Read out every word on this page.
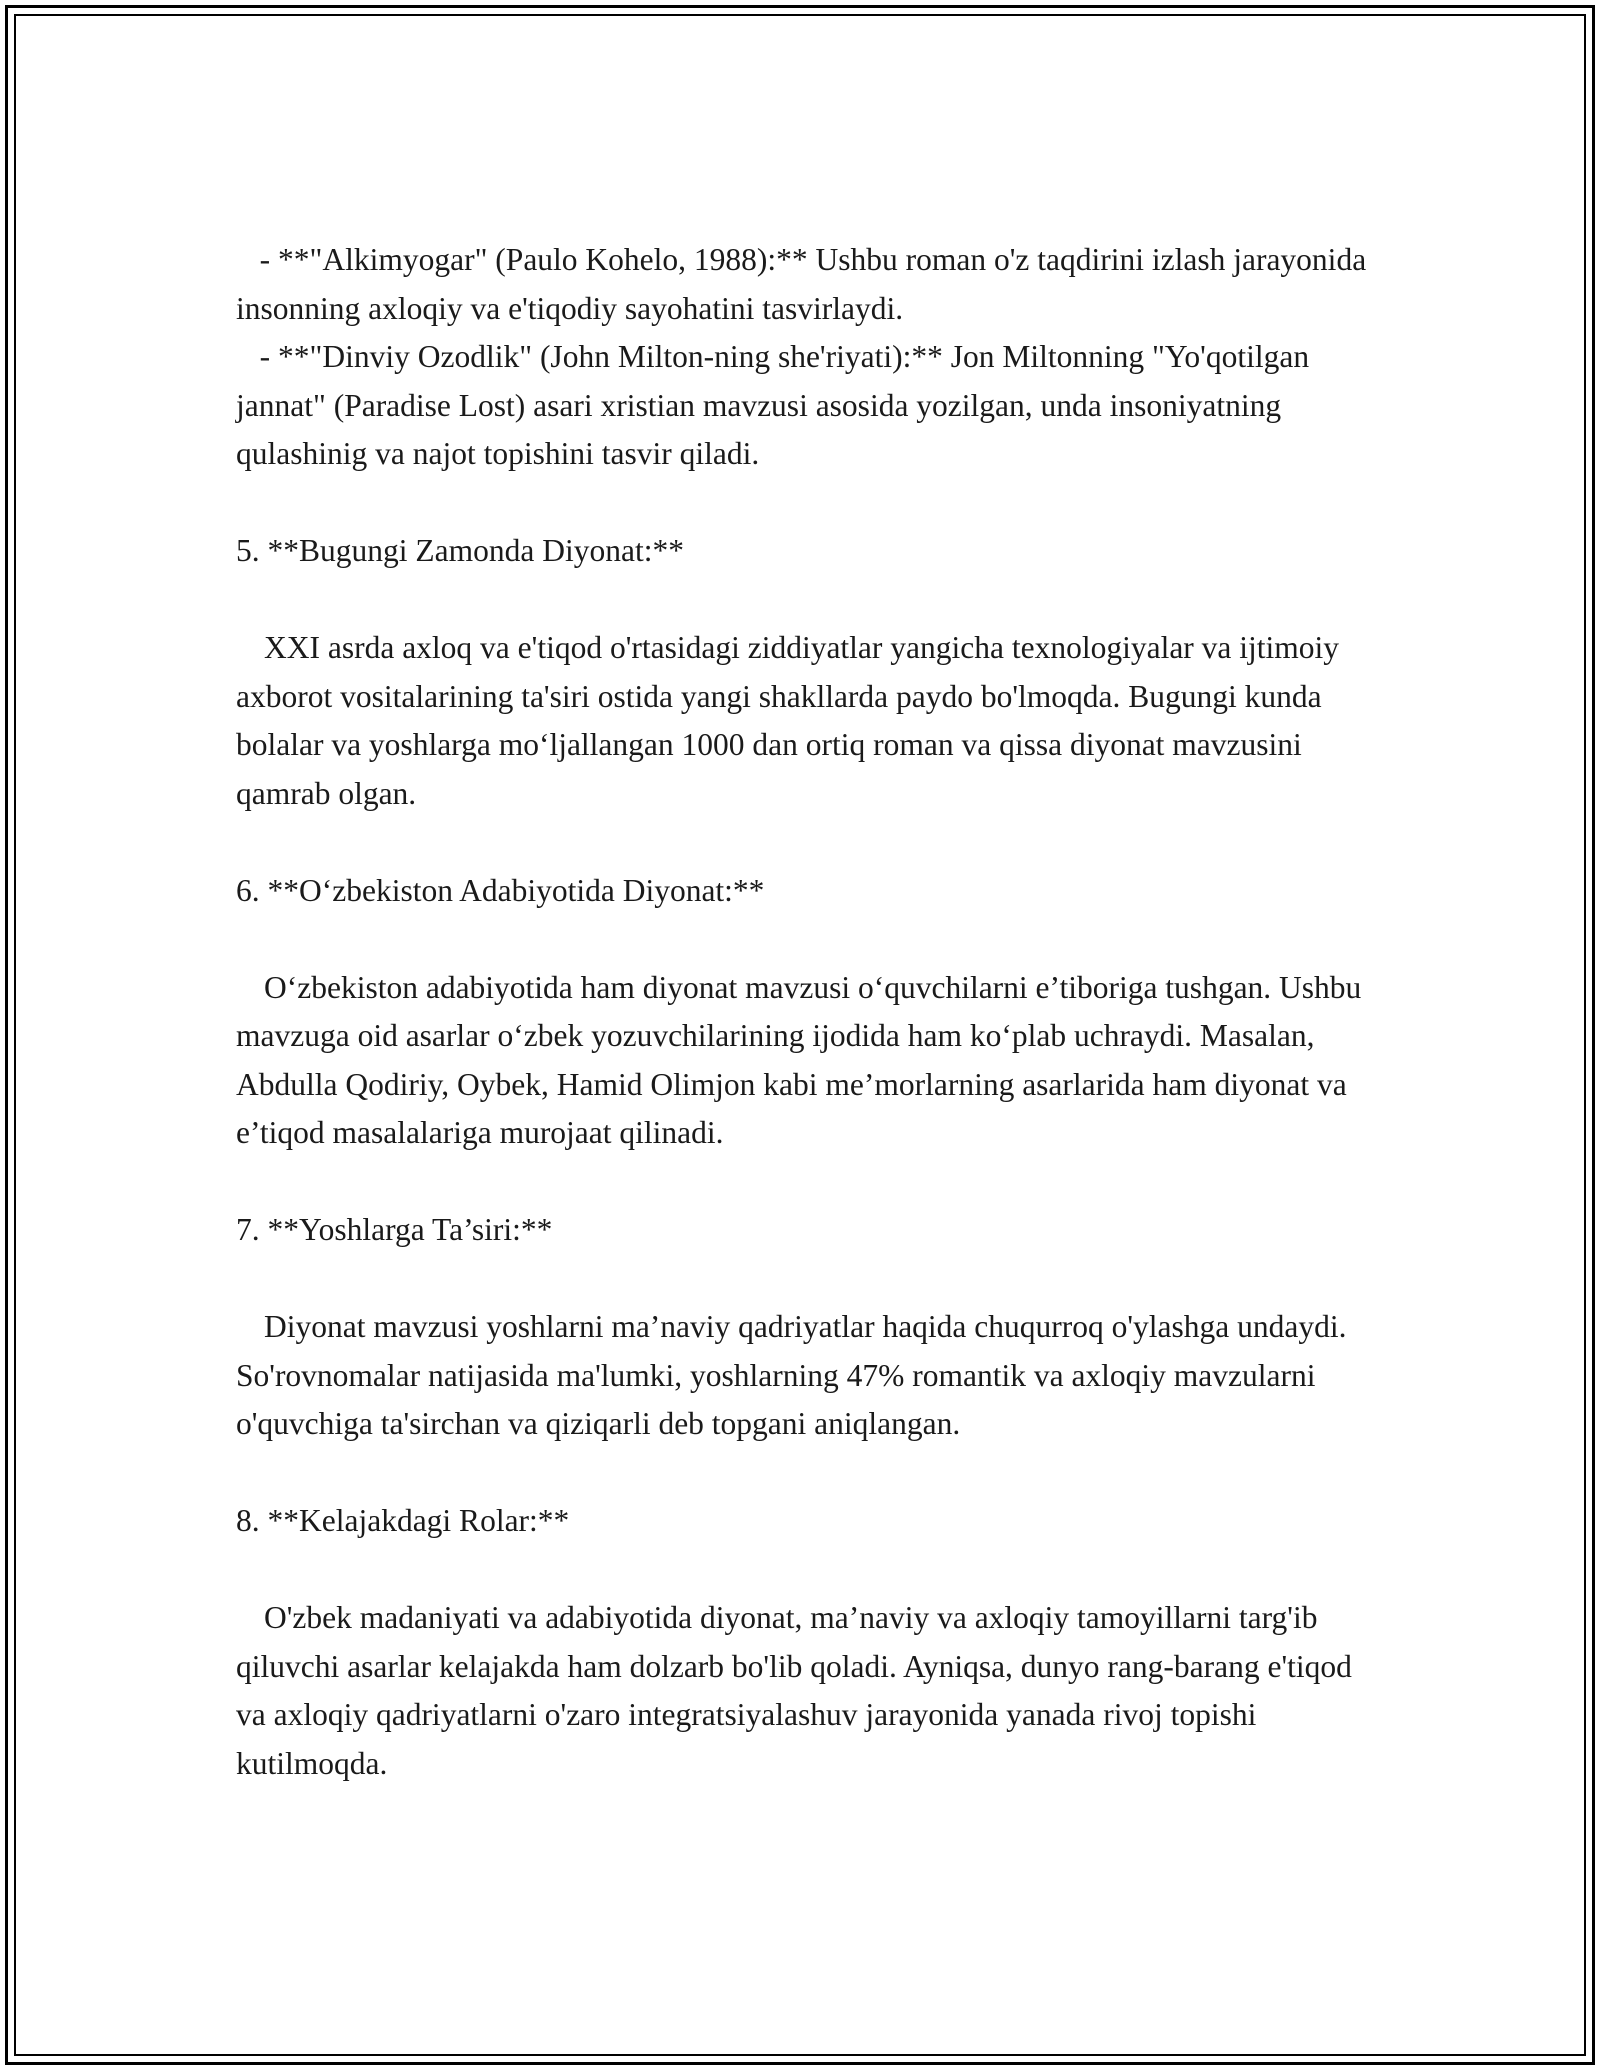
- **"Alkimyogar" (Paulo Kohelo, 1988):** Ushbu roman o'z taqdirini izlash jarayonida insonning axloqiy va e'tiqodiy sayohatini tasvirlaydi.

- **"Dinviy Ozodlik" (John Milton-ning she'riyati):** Jon Miltonning "Yo'qotilgan jannat" (Paradise Lost) asari xristian mavzusi asosida yozilgan, unda insoniyatning qulashinig va najot topishini tasvir qiladi.

5. **Bugungi Zamonda Diyonat:**

XXI asrda axloq va e'tiqod o'rtasidagi ziddiyatlar yangicha texnologiyalar va ijtimoiy axborot vositalarining ta'siri ostida yangi shakllarda paydo bo'lmoqda. Bugungi kunda bolalar va yoshlarga mo‘ljallangan 1000 dan ortiq roman va qissa diyonat mavzusini qamrab olgan.

6. **O‘zbekiston Adabiyotida Diyonat:**

O‘zbekiston adabiyotida ham diyonat mavzusi o‘quvchilarni e’tiboriga tushgan. Ushbu mavzuga oid asarlar o‘zbek yozuvchilarining ijodida ham ko‘plab uchraydi. Masalan, Abdulla Qodiriy, Oybek, Hamid Olimjon kabi me’morlarning asarlarida ham diyonat va e’tiqod masalalariga murojaat qilinadi.

7. **Yoshlarga Ta’siri:**

Diyonat mavzusi yoshlarni ma’naviy qadriyatlar haqida chuqurroq o'ylashga undaydi. So'rovnomalar natijasida ma'lumki, yoshlarning 47% romantik va axloqiy mavzularni o'quvchiga ta'sirchan va qiziqarli deb topgani aniqlangan.

8. **Kelajakdagi Rolar:**

O'zbek madaniyati va adabiyotida diyonat, ma’naviy va axloqiy tamoyillarni targ'ib qiluvchi asarlar kelajakda ham dolzarb bo'lib qoladi. Ayniqsa, dunyo rang-barang e'tiqod va axloqiy qadriyatlarni o'zaro integratsiyalashuv jarayonida yanada rivoj topishi kutilmoqda.
